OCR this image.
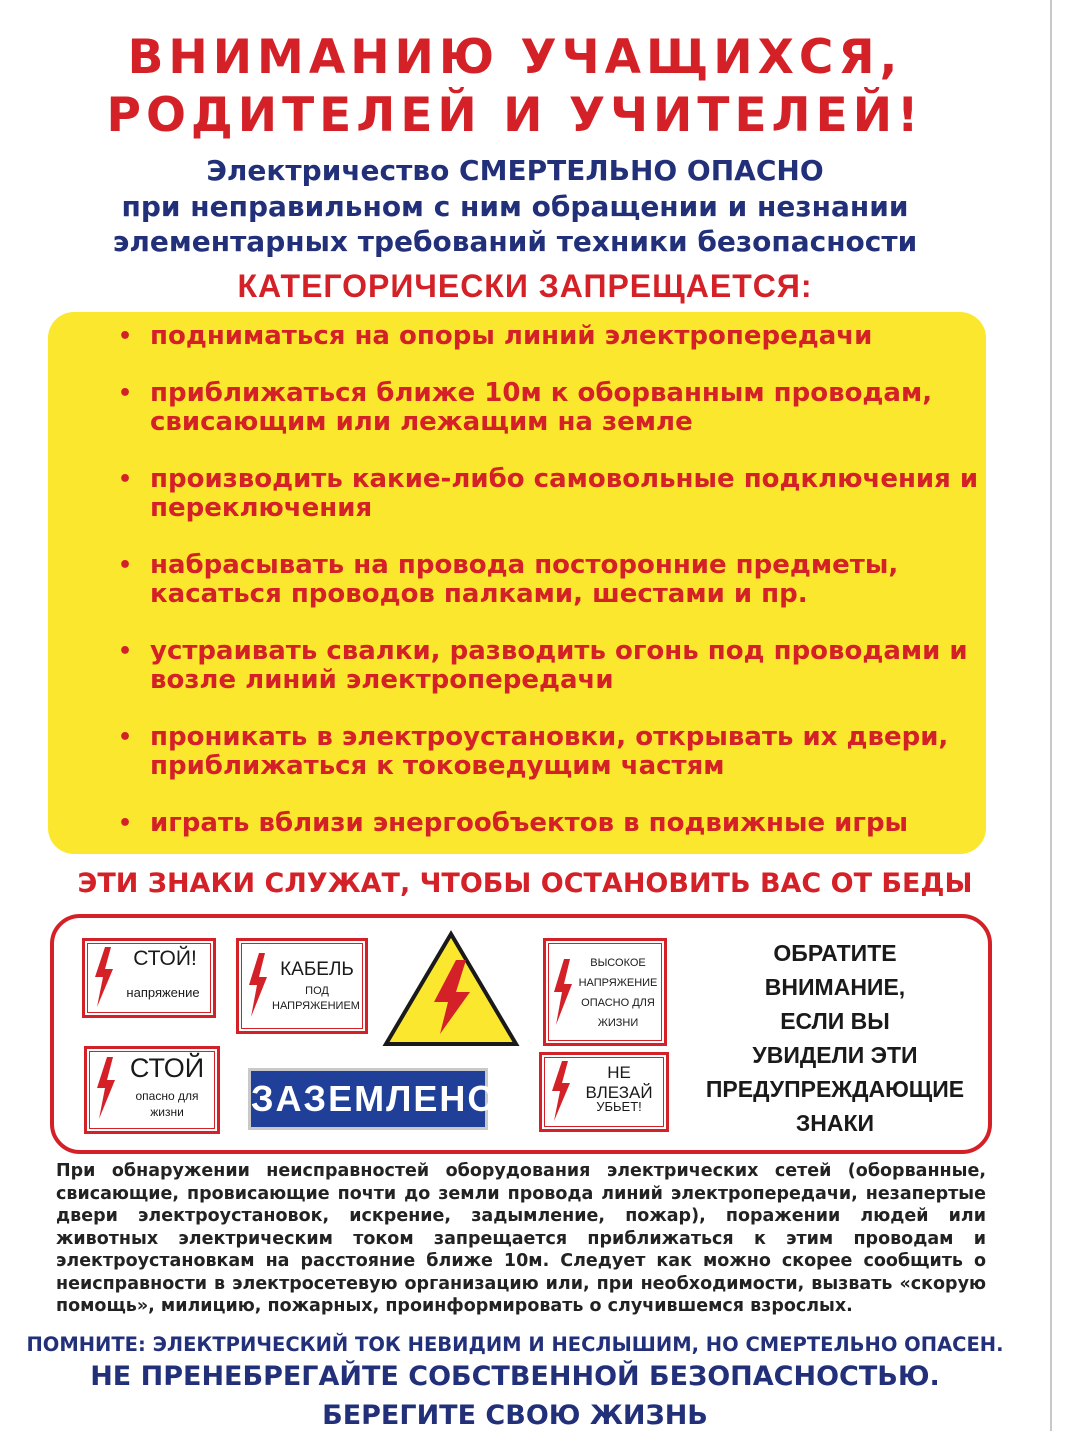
ВНИМАНИЮ УЧАЩИХСЯ,
РОДИТЕЛЕЙ И УЧИТЕЛЕЙ!
Электричество СМЕРТЕЛЬНО ОПАСНО
при неправильном с ним обращении и незнании
элементарных требований техники безопасности
КАТЕГОРИЧЕСКИ ЗАПРЕЩАЕТСЯ:
• подниматься на опоры линий электропередачи
• приближаться ближе 10м к оборванным проводам, свисающим или лежащим на земле
• производить какие-либо самовольные подключения и переключения
• набрасывать на провода посторонние предметы, касаться проводов палками, шестами и пр.
• устраивать свалки, разводить огонь под проводами и возле линий электропередачи
• проникать в электроустановки, открывать их двери, приближаться к токоведущим частям
• играть вблизи энергообъектов в подвижные игры
ЭТИ ЗНАКИ СЛУЖАТ, ЧТОБЫ ОСТАНОВИТЬ ВАС ОТ БЕДЫ
СТОЙ!
напряжение
КАБЕЛЬ
ПОД
НАПРЯЖЕНИЕМ
ВЫСОКОЕ
НАПРЯЖЕНИЕ
ОПАСНО ДЛЯ
ЖИЗНИ
СТОЙ
опасно для
жизни	ЗАЗЕМЛЕНО
НЕ ВЛЕЗАЙ
УБЬЕТ!
ОБРАТИТЕ
ВНИМАНИЕ,
ЕСЛИ ВЫ
УВИДЕЛИ ЭТИ
ПРЕДУПРЕЖДАЮЩИЕ
ЗНАКИ
При обнаружении неисправностей оборудования электрических сетей (оборванные, свисающие, провисающие почти до земли провода линий электропередачи, незапертые двери электроустановок, искрение, задымление, пожар), поражении людей или животных электрическим током запрещается приближаться к этим проводам и электроустановкам на расстояние ближе 10м. Следует как можно скорее сообщить о неисправности в электросетевую организацию или, при необходимости, вызвать «скорую помощь», милицию, пожарных, проинформировать о случившемся взрослых.
ПОМНИТЕ: ЭЛЕКТРИЧЕСКИЙ ТОК НЕВИДИМ И НЕСЛЫШИМ, НО СМЕРТЕЛЬНО ОПАСЕН.
НЕ ПРЕНЕБРЕГАЙТЕ СОБСТВЕННОЙ БЕЗОПАСНОСТЬЮ.
БЕРЕГИТЕ СВОЮ ЖИЗНЬ
